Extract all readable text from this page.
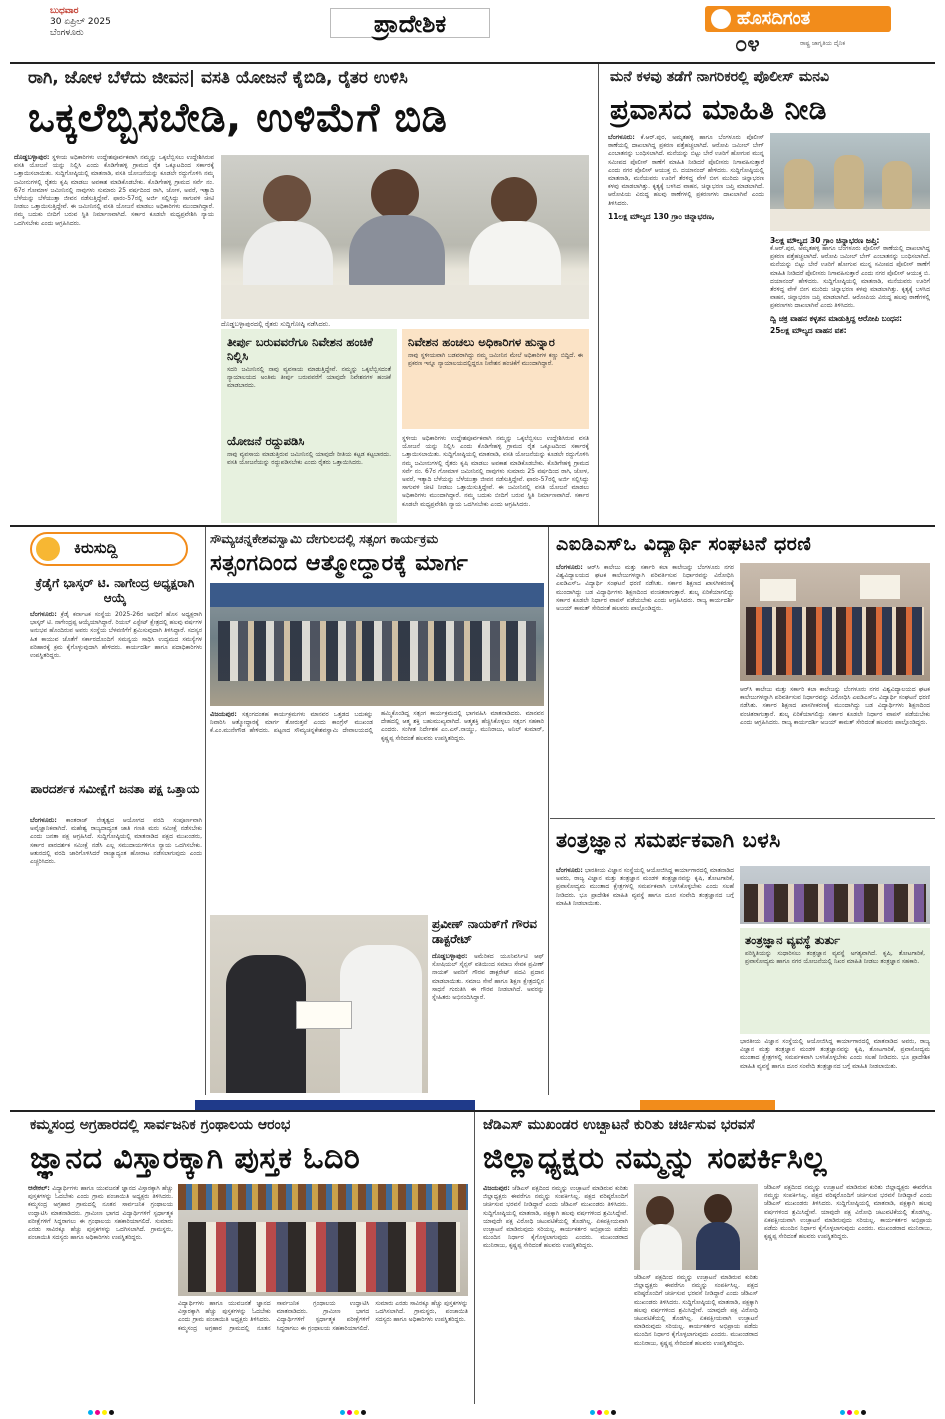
ಬುಧವಾರ
30 ಏಪ್ರಿಲ್ 2025
ಬೆಂಗಳೂರು	ಪ್ರಾದೇಶಿಕ	ಹೊಸದಿಗಂತ
೦೪	ರಾಷ್ಟ್ರ ಜಾಗೃತಿಯ ದೈನಿಕ
ರಾಗಿ, ಜೋಳ ಬೆಳೆದು ಜೀವನ| ವಸತಿ ಯೋಜನೆ ಕೈಬಿಡಿ, ರೈತರ ಉಳಿಸಿ
ಒಕ್ಕಲೆಬ್ಬಿಸಬೇಡಿ, ಉಳಿಮೆಗೆ ಬಿಡಿ
ದೊಡ್ಡಬಳ್ಳಾಪುರ: ಸ್ಥಳೀಯ ಅಧಿಕಾರಿಗಳು ಉದ್ದೇಶಪೂರ್ವಕವಾಗಿ ನಮ್ಮನ್ನು ಒಕ್ಕಲೆಬ್ಬಿಸಲು ಉದ್ದೇಶಿಸಿರುವ ವಸತಿ ಯೋಜನೆ ಯನ್ನು ನಿಲ್ಲಿಸಿ ಎಂದು ಕೊಡಿಗೇಹಳ್ಳಿ ಗ್ರಾಮದ ರೈತ ಒಕ್ಕೂಟದಿಂದ ಸರ್ಕಾರಕ್ಕೆ ಒತ್ತಾಯಿಸಲಾಯಿತು. ಸುದ್ದಿಗೋಷ್ಠಿಯಲ್ಲಿ ಮಾತನಾಡಿ, ವಸತಿ ಯೋಜನೆಯನ್ನು ಕೂಡಲೇ ರದ್ದುಗೊಳಿಸಿ ನಮ್ಮ ಜಮೀನುಗಳಲ್ಲಿ ರೈತರು ಕೃಷಿ ಮಾಡಲು ಅವಕಾಶ ಮಾಡಿಕೊಡಬೇಕು. ಕೊಡಿಗೇಹಳ್ಳಿ ಗ್ರಾಮದ ಸರ್ವೆ ನಂ. 67ರ ಗೋಮಾಳ ಜಮೀನಿನಲ್ಲಿ ನಾವುಗಳು ಸುಮಾರು 25 ವರ್ಷದಿಂದ ರಾಗಿ, ಜೋಳ, ಅವರೆ, ಇತ್ಯಾದಿ ಬೆಳೆಯನ್ನು ಬೆಳೆಯುತ್ತಾ ಜೀವನ ನಡೆಸುತ್ತಿದ್ದೇವೆ. ಫಾರಂ-57ರಲ್ಲಿ ಅರ್ಜಿ ಸಲ್ಲಿಸಿದ್ದು ಸಾಗುವಳಿ ಚೀಟಿ ನೀಡಲು ಒತ್ತಾಯಿಸುತ್ತಿದ್ದೇವೆ. ಈ ಜಮೀನಿನಲ್ಲಿ ವಸತಿ ಯೋಜನೆ ಮಾಡಲು ಅಧಿಕಾರಿಗಳು ಮುಂದಾಗಿದ್ದಾರೆ. ನಮ್ಮ ಬದುಕು ಬೀದಿಗೆ ಬರುವ ಸ್ಥಿತಿ ನಿರ್ಮಾಣವಾಗಿದೆ. ಸರ್ಕಾರ ಕೂಡಲೇ ಮಧ್ಯಪ್ರವೇಶಿಸಿ ನ್ಯಾಯ ಒದಗಿಸಬೇಕು ಎಂದು ಆಗ್ರಹಿಸಿದರು.
ದೊಡ್ಡಬಳ್ಳಾಪುರದಲ್ಲಿ ರೈತರು ಸುದ್ದಿಗೋಷ್ಠಿ ನಡೆಸಿದರು.
ತೀರ್ಪು ಬರುವವರೆಗೂ ನಿವೇಶನ ಹಂಚಿಕೆ ನಿಲ್ಲಿಸಿ
ಸದರಿ ಜಮೀನಿನಲ್ಲಿ ನಾವು ವ್ಯವಸಾಯ ಮಾಡುತ್ತಿದ್ದೇವೆ. ನಮ್ಮನ್ನು ಒಕ್ಕಲೆಬ್ಬಿಸದಂತೆ ನ್ಯಾಯಾಲಯದ ಅಂತಿಮ ತೀರ್ಪು ಬರುವವರೆಗೆ ಯಾವುದೇ ನಿವೇಶನಗಳ ಹಂಚಿಕೆ ಮಾಡಬಾರದು.
ಯೋಜನೆ ರದ್ದುಪಡಿಸಿ
ನಾವು ವ್ಯವಸಾಯ ಮಾಡುತ್ತಿರುವ ಜಮೀನಿನಲ್ಲಿ ಯಾವುದೇ ರೀತಿಯ ಕಟ್ಟಡ ಕಟ್ಟಬಾರದು. ವಸತಿ ಯೋಜನೆಯನ್ನು ರದ್ದುಪಡಿಸಬೇಕು ಎಂದು ರೈತರು ಒತ್ತಾಯಿಸಿದರು.
ನಿವೇಶನ ಹಂಚಲು ಅಧಿಕಾರಿಗಳ ಹುನ್ನಾರ
ನಾವು ಸ್ಥಳೀಯವಾಗಿ ಬಡವರಾಗಿದ್ದು ನಮ್ಮ ಜಮೀನಿನ ಮೇಲೆ ಅಧಿಕಾರಿಗಳ ಕಣ್ಣು ಬಿದ್ದಿದೆ. ಈ ಪ್ರಕರಣ ಇನ್ನೂ ನ್ಯಾಯಾಲಯದಲ್ಲಿದ್ದರೂ ನಿವೇಶನ ಹಂಚಿಕೆಗೆ ಮುಂದಾಗಿದ್ದಾರೆ.
ಸ್ಥಳೀಯ ಅಧಿಕಾರಿಗಳು ಉದ್ದೇಶಪೂರ್ವಕವಾಗಿ ನಮ್ಮನ್ನು ಒಕ್ಕಲೆಬ್ಬಿಸಲು ಉದ್ದೇಶಿಸಿರುವ ವಸತಿ ಯೋಜನೆ ಯನ್ನು ನಿಲ್ಲಿಸಿ ಎಂದು ಕೊಡಿಗೇಹಳ್ಳಿ ಗ್ರಾಮದ ರೈತ ಒಕ್ಕೂಟದಿಂದ ಸರ್ಕಾರಕ್ಕೆ ಒತ್ತಾಯಿಸಲಾಯಿತು. ಸುದ್ದಿಗೋಷ್ಠಿಯಲ್ಲಿ ಮಾತನಾಡಿ, ವಸತಿ ಯೋಜನೆಯನ್ನು ಕೂಡಲೇ ರದ್ದುಗೊಳಿಸಿ ನಮ್ಮ ಜಮೀನುಗಳಲ್ಲಿ ರೈತರು ಕೃಷಿ ಮಾಡಲು ಅವಕಾಶ ಮಾಡಿಕೊಡಬೇಕು. ಕೊಡಿಗೇಹಳ್ಳಿ ಗ್ರಾಮದ ಸರ್ವೆ ನಂ. 67ರ ಗೋಮಾಳ ಜಮೀನಿನಲ್ಲಿ ನಾವುಗಳು ಸುಮಾರು 25 ವರ್ಷದಿಂದ ರಾಗಿ, ಜೋಳ, ಅವರೆ, ಇತ್ಯಾದಿ ಬೆಳೆಯನ್ನು ಬೆಳೆಯುತ್ತಾ ಜೀವನ ನಡೆಸುತ್ತಿದ್ದೇವೆ. ಫಾರಂ-57ರಲ್ಲಿ ಅರ್ಜಿ ಸಲ್ಲಿಸಿದ್ದು ಸಾಗುವಳಿ ಚೀಟಿ ನೀಡಲು ಒತ್ತಾಯಿಸುತ್ತಿದ್ದೇವೆ. ಈ ಜಮೀನಿನಲ್ಲಿ ವಸತಿ ಯೋಜನೆ ಮಾಡಲು ಅಧಿಕಾರಿಗಳು ಮುಂದಾಗಿದ್ದಾರೆ. ನಮ್ಮ ಬದುಕು ಬೀದಿಗೆ ಬರುವ ಸ್ಥಿತಿ ನಿರ್ಮಾಣವಾಗಿದೆ. ಸರ್ಕಾರ ಕೂಡಲೇ ಮಧ್ಯಪ್ರವೇಶಿಸಿ ನ್ಯಾಯ ಒದಗಿಸಬೇಕು ಎಂದು ಆಗ್ರಹಿಸಿದರು.
ಮನೆ ಕಳವು ತಡೆಗೆ ನಾಗರಿಕರಲ್ಲಿ ಪೊಲೀಸ್ ಮನವಿ
ಪ್ರವಾಸದ ಮಾಹಿತಿ ನೀಡಿ
ಬೆಂಗಳೂರು: ಕೆ.ಆರ್.ಪುರ, ಅಮೃತಹಳ್ಳಿ ಹಾಗೂ ಬೆಂಗಳೂರು ಪೊಲೀಸ್ ಠಾಣೆಯಲ್ಲಿ ದಾಖಲಾಗಿದ್ದ ಪ್ರಕರಣ ಪತ್ತೆಹಚ್ಚಲಾಗಿದೆ. ಆರೋಪಿ ಜಮೀಲ್ ಬೇಗ್ ಎಂಬಾತನನ್ನು ಬಂಧಿಸಲಾಗಿದೆ. ಮನೆಯನ್ನು ಬಿಟ್ಟು ಬೇರೆ ಊರಿಗೆ ಹೋಗುವ ಮುನ್ನ ಸಮೀಪದ ಪೊಲೀಸ್ ಠಾಣೆಗೆ ಮಾಹಿತಿ ನೀಡಿದರೆ ಪೊಲೀಸರು ನಿಗಾವಹಿಸುತ್ತಾರೆ ಎಂದು ನಗರ ಪೊಲೀಸ್ ಆಯುಕ್ತ ಬಿ. ದಯಾನಂದ್ ಹೇಳಿದರು. ಸುದ್ದಿಗೋಷ್ಠಿಯಲ್ಲಿ ಮಾತನಾಡಿ, ಮನೆಯವರು ಊರಿಗೆ ತೆರಳಿದ್ದ ವೇಳೆ ಬೀಗ ಮುರಿದು ಚಿನ್ನಾಭರಣ ಕಳವು ಮಾಡಲಾಗಿತ್ತು. ಕೃತ್ಯಕ್ಕೆ ಬಳಸಿದ ವಾಹನ, ಚಿನ್ನಾಭರಣ ಜಪ್ತಿ ಮಾಡಲಾಗಿದೆ. ಆರೋಪಿಯ ವಿರುದ್ಧ ಹಲವು ಠಾಣೆಗಳಲ್ಲಿ ಪ್ರಕರಣಗಳು ದಾಖಲಾಗಿವೆ ಎಂದು ತಿಳಿಸಿದರು.
11ಲಕ್ಷ ಮೌಲ್ಯದ 130 ಗ್ರಾಂ ಚಿನ್ನಾಭರಣ,
3ಲಕ್ಷ ಮೌಲ್ಯದ 30 ಗ್ರಾಂ ಚಿನ್ನಾಭರಣ ಜಪ್ತಿ:
ಕೆ.ಆರ್.ಪುರ, ಅಮೃತಹಳ್ಳಿ ಹಾಗೂ ಬೆಂಗಳೂರು ಪೊಲೀಸ್ ಠಾಣೆಯಲ್ಲಿ ದಾಖಲಾಗಿದ್ದ ಪ್ರಕರಣ ಪತ್ತೆಹಚ್ಚಲಾಗಿದೆ. ಆರೋಪಿ ಜಮೀಲ್ ಬೇಗ್ ಎಂಬಾತನನ್ನು ಬಂಧಿಸಲಾಗಿದೆ. ಮನೆಯನ್ನು ಬಿಟ್ಟು ಬೇರೆ ಊರಿಗೆ ಹೋಗುವ ಮುನ್ನ ಸಮೀಪದ ಪೊಲೀಸ್ ಠಾಣೆಗೆ ಮಾಹಿತಿ ನೀಡಿದರೆ ಪೊಲೀಸರು ನಿಗಾವಹಿಸುತ್ತಾರೆ ಎಂದು ನಗರ ಪೊಲೀಸ್ ಆಯುಕ್ತ ಬಿ. ದಯಾನಂದ್ ಹೇಳಿದರು. ಸುದ್ದಿಗೋಷ್ಠಿಯಲ್ಲಿ ಮಾತನಾಡಿ, ಮನೆಯವರು ಊರಿಗೆ ತೆರಳಿದ್ದ ವೇಳೆ ಬೀಗ ಮುರಿದು ಚಿನ್ನಾಭರಣ ಕಳವು ಮಾಡಲಾಗಿತ್ತು. ಕೃತ್ಯಕ್ಕೆ ಬಳಸಿದ ವಾಹನ, ಚಿನ್ನಾಭರಣ ಜಪ್ತಿ ಮಾಡಲಾಗಿದೆ. ಆರೋಪಿಯ ವಿರುದ್ಧ ಹಲವು ಠಾಣೆಗಳಲ್ಲಿ ಪ್ರಕರಣಗಳು ದಾಖಲಾಗಿವೆ ಎಂದು ತಿಳಿಸಿದರು.
ದ್ವಿ ಚಕ್ರ ವಾಹನ ಕಳ್ಳತನ ಮಾಡುತ್ತಿದ್ದ ಆರೋಪಿ ಬಂಧನ:
25ಲಕ್ಷ ಮೌಲ್ಯದ ವಾಹನ ವಶ:
ಕಿರುಸುದ್ದಿ
ಕ್ರೆಡೈಗೆ ಭಾಸ್ಕರ್ ಟಿ. ನಾಗೇಂದ್ರ ಅಧ್ಯಕ್ಷರಾಗಿ ಆಯ್ಕೆ
ಬೆಂಗಳೂರು: ಕ್ರೆಡೈ ಕರ್ನಾಟಕ ಸಂಸ್ಥೆಯ 2025-26ರ ಅವಧಿಗೆ ಹೊಸ ಅಧ್ಯಕ್ಷರಾಗಿ ಭಾಸ್ಕರ್ ಟಿ. ನಾಗೇಂದ್ರಪ್ಪ ಆಯ್ಕೆಯಾಗಿದ್ದಾರೆ. ರಿಯಲ್ ಎಸ್ಟೇಟ್ ಕ್ಷೇತ್ರದಲ್ಲಿ ಹಲವು ವರ್ಷಗಳ ಅನುಭವ ಹೊಂದಿರುವ ಅವರು ಸಂಸ್ಥೆಯ ಬೆಳವಣಿಗೆಗೆ ಶ್ರಮಿಸುವುದಾಗಿ ತಿಳಿಸಿದ್ದಾರೆ. ಸದಸ್ಯರ ಹಿತ ಕಾಯುವ ಜೊತೆಗೆ ಸರ್ಕಾರದೊಂದಿಗೆ ಸಮನ್ವಯ ಸಾಧಿಸಿ ಉದ್ಯಮದ ಸಮಸ್ಯೆಗಳ ಪರಿಹಾರಕ್ಕೆ ಕ್ರಮ ಕೈಗೊಳ್ಳುವುದಾಗಿ ಹೇಳಿದರು. ಕಾರ್ಯದರ್ಶಿ ಹಾಗೂ ಪದಾಧಿಕಾರಿಗಳು ಉಪಸ್ಥಿತರಿದ್ದರು.
ಪಾರದರ್ಶಕ ಸಮೀಕ್ಷೆಗೆ ಜನತಾ ಪಕ್ಷ ಒತ್ತಾಯ
ಬೆಂಗಳೂರು: ಕಾಂತರಾಜ್ ನೇತೃತ್ವದ ಆಯೋಗದ ವರದಿ ಸಂಪೂರ್ಣವಾಗಿ ಅವೈಜ್ಞಾನಿಕವಾಗಿದೆ. ಮಹೇಶ್ವ ರಾಜ್ಯದಾದ್ಯಂತ ಜಾತಿ ಗಣತಿ ಮರು ಸಮೀಕ್ಷೆ ನಡೆಸಬೇಕು ಎಂದು ಜನತಾ ಪಕ್ಷ ಆಗ್ರಹಿಸಿದೆ. ಸುದ್ದಿಗೋಷ್ಠಿಯಲ್ಲಿ ಮಾತನಾಡಿದ ಪಕ್ಷದ ಮುಖಂಡರು, ಸರ್ಕಾರ ಪಾರದರ್ಶಕ ಸಮೀಕ್ಷೆ ನಡೆಸಿ ಎಲ್ಲ ಸಮುದಾಯಗಳಿಗೂ ನ್ಯಾಯ ಒದಗಿಸಬೇಕು. ಆತುರದಲ್ಲಿ ವರದಿ ಜಾರಿಗೊಳಿಸಿದರೆ ರಾಜ್ಯಾದ್ಯಂತ ಹೋರಾಟ ನಡೆಸಲಾಗುವುದು ಎಂದು ಎಚ್ಚರಿಸಿದರು.
ಸೌಮ್ಯಚನ್ನಕೇಶವಸ್ವಾಮಿ ದೇಗುಲದಲ್ಲಿ ಸತ್ಸಂಗ ಕಾರ್ಯಕ್ರಮ
ಸತ್ಸಂಗದಿಂದ ಆತ್ಮೋದ್ಧಾರಕ್ಕೆ ಮಾರ್ಗ
ವಿಜಯಪುರ: ಸತ್ಸಂಗದಂತಹ ಕಾರ್ಯಕ್ರಮಗಳು ಮಾನವರ ಒತ್ತಡದ ಬದುಕನ್ನು ನಿವಾರಿಸಿ ಆತ್ಮೋದ್ಧಾರಕ್ಕೆ ಮಾರ್ಗ ತೋರುತ್ತವೆ ಎಂದು ಕಾಂಗ್ರೆಸ್ ಮುಖಂಡ ಕೆ.ಎಂ.ಮುನೇಗೌಡ ಹೇಳಿದರು. ಪಟ್ಟಣದ ಸೌಮ್ಯಚನ್ನಕೇಶವಸ್ವಾಮಿ ದೇವಾಲಯದಲ್ಲಿ ಹಮ್ಮಿಕೊಂಡಿದ್ದ ಸತ್ಸಂಗ ಕಾರ್ಯಕ್ರಮದಲ್ಲಿ ಭಾಗವಹಿಸಿ ಮಾತನಾಡಿದರು. ಮಾನವನ ದೇಹದಲ್ಲಿ ಆತ್ಮ ಶಕ್ತಿ ಬಹುಮುಖ್ಯವಾಗಿದೆ. ಆತ್ಮಶಕ್ತಿ ಹೆಚ್ಚಿಸಿಕೊಳ್ಳಲು ಸತ್ಸಂಗ ಸಹಕಾರಿ ಎಂದರು. ಸಂಗೀತ ನಿರ್ದೇಶಕ ಎಂ.ಎಸ್.ನಾಯ್ಡು, ಮುನಿರಾಜು, ಅನಿಲ್ ಕುಮಾರ್, ಕೃಷ್ಣಪ್ಪ ಸೇರಿದಂತೆ ಹಲವರು ಉಪಸ್ಥಿತರಿದ್ದರು.
ಪ್ರವೀಣ್ ನಾಯಕ್‌ಗೆ ಗೌರವ ಡಾಕ್ಟರೇಟ್
ದೊಡ್ಡಬಳ್ಳಾಪುರ: ಅಮೆರಿಕದ ಯೂನಿವರ್ಸಿಟಿ ಆಫ್ ಸೋಷಿಯಲ್ ಸೈನ್ಸಸ್ ವತಿಯಿಂದ ಸಮಾಜ ಸೇವಕ ಪ್ರವೀಣ್ ನಾಯಕ್ ಅವರಿಗೆ ಗೌರವ ಡಾಕ್ಟರೇಟ್ ಪದವಿ ಪ್ರದಾನ ಮಾಡಲಾಯಿತು. ಸಮಾಜ ಸೇವೆ ಹಾಗೂ ಶಿಕ್ಷಣ ಕ್ಷೇತ್ರದಲ್ಲಿನ ಸಾಧನೆ ಗುರುತಿಸಿ ಈ ಗೌರವ ನೀಡಲಾಗಿದೆ. ಅವರನ್ನು ಸ್ನೇಹಿತರು ಅಭಿನಂದಿಸಿದ್ದಾರೆ.
ಎಐಡಿಎಸ್ಒ ವಿದ್ಯಾರ್ಥಿ ಸಂಘಟನೆ ಧರಣಿ
ಬೆಂಗಳೂರು: ಆರ್‌ಸಿ ಕಾಲೇಜು ಮತ್ತು ಸರ್ಕಾರಿ ಕಲಾ ಕಾಲೇಜನ್ನು ಬೆಂಗಳೂರು ನಗರ ವಿಶ್ವವಿದ್ಯಾಲಯದ ಘಟಕ ಕಾಲೇಜುಗಳನ್ನಾಗಿ ಪರಿವರ್ತಿಸುವ ನಿರ್ಧಾರವನ್ನು ವಿರೋಧಿಸಿ ಎಐಡಿಎಸ್ಒ ವಿದ್ಯಾರ್ಥಿ ಸಂಘಟನೆ ಧರಣಿ ನಡೆಸಿತು. ಸರ್ಕಾರ ಶಿಕ್ಷಣದ ಖಾಸಗೀಕರಣಕ್ಕೆ ಮುಂದಾಗಿದ್ದು ಬಡ ವಿದ್ಯಾರ್ಥಿಗಳು ಶಿಕ್ಷಣದಿಂದ ವಂಚಿತರಾಗುತ್ತಾರೆ. ಶುಲ್ಕ ಏರಿಕೆಯಾಗಲಿದ್ದು ಸರ್ಕಾರ ಕೂಡಲೇ ನಿರ್ಧಾರ ವಾಪಸ್ ಪಡೆಯಬೇಕು ಎಂದು ಆಗ್ರಹಿಸಿದರು. ರಾಜ್ಯ ಕಾರ್ಯದರ್ಶಿ ಅಜಯ್ ಕಾಮತ್ ಸೇರಿದಂತೆ ಹಲವರು ಪಾಲ್ಗೊಂಡಿದ್ದರು.
ಆರ್‌ಸಿ ಕಾಲೇಜು ಮತ್ತು ಸರ್ಕಾರಿ ಕಲಾ ಕಾಲೇಜನ್ನು ಬೆಂಗಳೂರು ನಗರ ವಿಶ್ವವಿದ್ಯಾಲಯದ ಘಟಕ ಕಾಲೇಜುಗಳನ್ನಾಗಿ ಪರಿವರ್ತಿಸುವ ನಿರ್ಧಾರವನ್ನು ವಿರೋಧಿಸಿ ಎಐಡಿಎಸ್ಒ ವಿದ್ಯಾರ್ಥಿ ಸಂಘಟನೆ ಧರಣಿ ನಡೆಸಿತು. ಸರ್ಕಾರ ಶಿಕ್ಷಣದ ಖಾಸಗೀಕರಣಕ್ಕೆ ಮುಂದಾಗಿದ್ದು ಬಡ ವಿದ್ಯಾರ್ಥಿಗಳು ಶಿಕ್ಷಣದಿಂದ ವಂಚಿತರಾಗುತ್ತಾರೆ. ಶುಲ್ಕ ಏರಿಕೆಯಾಗಲಿದ್ದು ಸರ್ಕಾರ ಕೂಡಲೇ ನಿರ್ಧಾರ ವಾಪಸ್ ಪಡೆಯಬೇಕು ಎಂದು ಆಗ್ರಹಿಸಿದರು. ರಾಜ್ಯ ಕಾರ್ಯದರ್ಶಿ ಅಜಯ್ ಕಾಮತ್ ಸೇರಿದಂತೆ ಹಲವರು ಪಾಲ್ಗೊಂಡಿದ್ದರು.
ತಂತ್ರಜ್ಞಾನ ಸಮರ್ಪಕವಾಗಿ ಬಳಸಿ
ಬೆಂಗಳೂರು: ಭಾರತೀಯ ವಿಜ್ಞಾನ ಸಂಸ್ಥೆಯಲ್ಲಿ ಆಯೋಜಿಸಿದ್ದ ಕಾರ್ಯಾಗಾರದಲ್ಲಿ ಮಾತನಾಡಿದ ಅವರು, ರಾಜ್ಯ ವಿಜ್ಞಾನ ಮತ್ತು ತಂತ್ರಜ್ಞಾನ ಮಂಡಳಿ ತಂತ್ರಜ್ಞಾನವನ್ನು ಕೃಷಿ, ತೋಟಗಾರಿಕೆ, ಪ್ರವಾಸೋದ್ಯಮ ಮುಂತಾದ ಕ್ಷೇತ್ರಗಳಲ್ಲಿ ಸಮರ್ಪಕವಾಗಿ ಬಳಸಿಕೊಳ್ಳಬೇಕು ಎಂದು ಸಲಹೆ ನೀಡಿದರು. ಭೂ ಪ್ರಾದೇಶಿಕ ಮಾಹಿತಿ ವ್ಯವಸ್ಥೆ ಹಾಗೂ ದೂರ ಸಂವೇದಿ ತಂತ್ರಜ್ಞಾನದ ಬಗ್ಗೆ ಮಾಹಿತಿ ನೀಡಲಾಯಿತು.
ತಂತ್ರಜ್ಞಾನ ವ್ಯವಸ್ಥೆ ತುರ್ತು
ಪರಿಸ್ಥಿತಿಯನ್ನು ಸುಧಾರಿಸಲು ತಂತ್ರಜ್ಞಾನ ವ್ಯವಸ್ಥೆ ಅಗತ್ಯವಾಗಿದೆ. ಕೃಷಿ, ತೋಟಗಾರಿಕೆ, ಪ್ರವಾಸೋದ್ಯಮ ಹಾಗೂ ನಗರ ಯೋಜನೆಯಲ್ಲಿ ನಿಖರ ಮಾಹಿತಿ ನೀಡಲು ತಂತ್ರಜ್ಞಾನ ಸಹಕಾರಿ.
ಭಾರತೀಯ ವಿಜ್ಞಾನ ಸಂಸ್ಥೆಯಲ್ಲಿ ಆಯೋಜಿಸಿದ್ದ ಕಾರ್ಯಾಗಾರದಲ್ಲಿ ಮಾತನಾಡಿದ ಅವರು, ರಾಜ್ಯ ವಿಜ್ಞಾನ ಮತ್ತು ತಂತ್ರಜ್ಞಾನ ಮಂಡಳಿ ತಂತ್ರಜ್ಞಾನವನ್ನು ಕೃಷಿ, ತೋಟಗಾರಿಕೆ, ಪ್ರವಾಸೋದ್ಯಮ ಮುಂತಾದ ಕ್ಷೇತ್ರಗಳಲ್ಲಿ ಸಮರ್ಪಕವಾಗಿ ಬಳಸಿಕೊಳ್ಳಬೇಕು ಎಂದು ಸಲಹೆ ನೀಡಿದರು. ಭೂ ಪ್ರಾದೇಶಿಕ ಮಾಹಿತಿ ವ್ಯವಸ್ಥೆ ಹಾಗೂ ದೂರ ಸಂವೇದಿ ತಂತ್ರಜ್ಞಾನದ ಬಗ್ಗೆ ಮಾಹಿತಿ ನೀಡಲಾಯಿತು.
ಕಮ್ಮಸಂದ್ರ ಅಗ್ರಹಾರದಲ್ಲಿ ಸಾರ್ವಜನಿಕ ಗ್ರಂಥಾಲಯ ಆರಂಭ
ಜ್ಞಾನದ ವಿಸ್ತಾರಕ್ಕಾಗಿ ಪುಸ್ತಕ ಓದಿರಿ
ಆನೇಕಲ್: ವಿದ್ಯಾರ್ಥಿಗಳು ಹಾಗೂ ಯುವಜನತೆ ಜ್ಞಾನದ ವಿಸ್ತಾರಕ್ಕಾಗಿ ಹೆಚ್ಚು ಪುಸ್ತಕಗಳನ್ನು ಓದಬೇಕು ಎಂದು ಗ್ರಾಮ ಪಂಚಾಯಿತಿ ಅಧ್ಯಕ್ಷರು ತಿಳಿಸಿದರು. ಕಮ್ಮಸಂದ್ರ ಅಗ್ರಹಾರ ಗ್ರಾಮದಲ್ಲಿ ನೂತನ ಸಾರ್ವಜನಿಕ ಗ್ರಂಥಾಲಯ ಉದ್ಘಾಟಿಸಿ ಮಾತನಾಡಿದರು. ಗ್ರಾಮೀಣ ಭಾಗದ ವಿದ್ಯಾರ್ಥಿಗಳಿಗೆ ಸ್ಪರ್ಧಾತ್ಮಕ ಪರೀಕ್ಷೆಗಳಿಗೆ ಸಿದ್ಧರಾಗಲು ಈ ಗ್ರಂಥಾಲಯ ಸಹಕಾರಿಯಾಗಲಿದೆ. ಸುಮಾರು ಎರಡು ಸಾವಿರಕ್ಕೂ ಹೆಚ್ಚು ಪುಸ್ತಕಗಳನ್ನು ಒದಗಿಸಲಾಗಿದೆ. ಗ್ರಾಮಸ್ಥರು, ಪಂಚಾಯಿತಿ ಸದಸ್ಯರು ಹಾಗೂ ಅಧಿಕಾರಿಗಳು ಉಪಸ್ಥಿತರಿದ್ದರು.
ವಿದ್ಯಾರ್ಥಿಗಳು ಹಾಗೂ ಯುವಜನತೆ ಜ್ಞಾನದ ವಿಸ್ತಾರಕ್ಕಾಗಿ ಹೆಚ್ಚು ಪುಸ್ತಕಗಳನ್ನು ಓದಬೇಕು ಎಂದು ಗ್ರಾಮ ಪಂಚಾಯಿತಿ ಅಧ್ಯಕ್ಷರು ತಿಳಿಸಿದರು. ಕಮ್ಮಸಂದ್ರ ಅಗ್ರಹಾರ ಗ್ರಾಮದಲ್ಲಿ ನೂತನ ಸಾರ್ವಜನಿಕ ಗ್ರಂಥಾಲಯ ಉದ್ಘಾಟಿಸಿ ಮಾತನಾಡಿದರು. ಗ್ರಾಮೀಣ ಭಾಗದ ವಿದ್ಯಾರ್ಥಿಗಳಿಗೆ ಸ್ಪರ್ಧಾತ್ಮಕ ಪರೀಕ್ಷೆಗಳಿಗೆ ಸಿದ್ಧರಾಗಲು ಈ ಗ್ರಂಥಾಲಯ ಸಹಕಾರಿಯಾಗಲಿದೆ. ಸುಮಾರು ಎರಡು ಸಾವಿರಕ್ಕೂ ಹೆಚ್ಚು ಪುಸ್ತಕಗಳನ್ನು ಒದಗಿಸಲಾಗಿದೆ. ಗ್ರಾಮಸ್ಥರು, ಪಂಚಾಯಿತಿ ಸದಸ್ಯರು ಹಾಗೂ ಅಧಿಕಾರಿಗಳು ಉಪಸ್ಥಿತರಿದ್ದರು.
ಜೆಡಿಎಸ್ ಮುಖಂಡರ ಉಚ್ಛಾಟನೆ ಕುರಿತು ಚರ್ಚಿಸುವ ಭರವಸೆ
ಜಿಲ್ಲಾಧ್ಯಕ್ಷರು ನಮ್ಮನ್ನು ಸಂಪರ್ಕಿಸಿಲ್ಲ
ವಿಜಯಪುರ: ಜೆಡಿಎಸ್ ಪಕ್ಷದಿಂದ ನಮ್ಮನ್ನು ಉಚ್ಛಾಟನೆ ಮಾಡಿರುವ ಕುರಿತು ಜಿಲ್ಲಾಧ್ಯಕ್ಷರು ಈವರೆಗೂ ನಮ್ಮನ್ನು ಸಂಪರ್ಕಿಸಿಲ್ಲ. ಪಕ್ಷದ ವರಿಷ್ಠರೊಂದಿಗೆ ಚರ್ಚಿಸುವ ಭರವಸೆ ನೀಡಿದ್ದಾರೆ ಎಂದು ಜೆಡಿಎಸ್ ಮುಖಂಡರು ತಿಳಿಸಿದರು. ಸುದ್ದಿಗೋಷ್ಠಿಯಲ್ಲಿ ಮಾತನಾಡಿ, ಪಕ್ಷಕ್ಕಾಗಿ ಹಲವು ವರ್ಷಗಳಿಂದ ಶ್ರಮಿಸಿದ್ದೇವೆ. ಯಾವುದೇ ಪಕ್ಷ ವಿರೋಧಿ ಚಟುವಟಿಕೆಯಲ್ಲಿ ತೊಡಗಿಲ್ಲ. ಏಕಪಕ್ಷೀಯವಾಗಿ ಉಚ್ಛಾಟನೆ ಮಾಡಿರುವುದು ಸರಿಯಲ್ಲ. ಕಾರ್ಯಕರ್ತರ ಅಭಿಪ್ರಾಯ ಪಡೆದು ಮುಂದಿನ ನಿರ್ಧಾರ ಕೈಗೊಳ್ಳಲಾಗುವುದು ಎಂದರು. ಮುಖಂಡರಾದ ಮುನಿರಾಜು, ಕೃಷ್ಣಪ್ಪ ಸೇರಿದಂತೆ ಹಲವರು ಉಪಸ್ಥಿತರಿದ್ದರು.
ಜೆಡಿಎಸ್ ಪಕ್ಷದಿಂದ ನಮ್ಮನ್ನು ಉಚ್ಛಾಟನೆ ಮಾಡಿರುವ ಕುರಿತು ಜಿಲ್ಲಾಧ್ಯಕ್ಷರು ಈವರೆಗೂ ನಮ್ಮನ್ನು ಸಂಪರ್ಕಿಸಿಲ್ಲ. ಪಕ್ಷದ ವರಿಷ್ಠರೊಂದಿಗೆ ಚರ್ಚಿಸುವ ಭರವಸೆ ನೀಡಿದ್ದಾರೆ ಎಂದು ಜೆಡಿಎಸ್ ಮುಖಂಡರು ತಿಳಿಸಿದರು. ಸುದ್ದಿಗೋಷ್ಠಿಯಲ್ಲಿ ಮಾತನಾಡಿ, ಪಕ್ಷಕ್ಕಾಗಿ ಹಲವು ವರ್ಷಗಳಿಂದ ಶ್ರಮಿಸಿದ್ದೇವೆ. ಯಾವುದೇ ಪಕ್ಷ ವಿರೋಧಿ ಚಟುವಟಿಕೆಯಲ್ಲಿ ತೊಡಗಿಲ್ಲ. ಏಕಪಕ್ಷೀಯವಾಗಿ ಉಚ್ಛಾಟನೆ ಮಾಡಿರುವುದು ಸರಿಯಲ್ಲ. ಕಾರ್ಯಕರ್ತರ ಅಭಿಪ್ರಾಯ ಪಡೆದು ಮುಂದಿನ ನಿರ್ಧಾರ ಕೈಗೊಳ್ಳಲಾಗುವುದು ಎಂದರು. ಮುಖಂಡರಾದ ಮುನಿರಾಜು, ಕೃಷ್ಣಪ್ಪ ಸೇರಿದಂತೆ ಹಲವರು ಉಪಸ್ಥಿತರಿದ್ದರು.
ಜೆಡಿಎಸ್ ಪಕ್ಷದಿಂದ ನಮ್ಮನ್ನು ಉಚ್ಛಾಟನೆ ಮಾಡಿರುವ ಕುರಿತು ಜಿಲ್ಲಾಧ್ಯಕ್ಷರು ಈವರೆಗೂ ನಮ್ಮನ್ನು ಸಂಪರ್ಕಿಸಿಲ್ಲ. ಪಕ್ಷದ ವರಿಷ್ಠರೊಂದಿಗೆ ಚರ್ಚಿಸುವ ಭರವಸೆ ನೀಡಿದ್ದಾರೆ ಎಂದು ಜೆಡಿಎಸ್ ಮುಖಂಡರು ತಿಳಿಸಿದರು. ಸುದ್ದಿಗೋಷ್ಠಿಯಲ್ಲಿ ಮಾತನಾಡಿ, ಪಕ್ಷಕ್ಕಾಗಿ ಹಲವು ವರ್ಷಗಳಿಂದ ಶ್ರಮಿಸಿದ್ದೇವೆ. ಯಾವುದೇ ಪಕ್ಷ ವಿರೋಧಿ ಚಟುವಟಿಕೆಯಲ್ಲಿ ತೊಡಗಿಲ್ಲ. ಏಕಪಕ್ಷೀಯವಾಗಿ ಉಚ್ಛಾಟನೆ ಮಾಡಿರುವುದು ಸರಿಯಲ್ಲ. ಕಾರ್ಯಕರ್ತರ ಅಭಿಪ್ರಾಯ ಪಡೆದು ಮುಂದಿನ ನಿರ್ಧಾರ ಕೈಗೊಳ್ಳಲಾಗುವುದು ಎಂದರು. ಮುಖಂಡರಾದ ಮುನಿರಾಜು, ಕೃಷ್ಣಪ್ಪ ಸೇರಿದಂತೆ ಹಲವರು ಉಪಸ್ಥಿತರಿದ್ದರು.
